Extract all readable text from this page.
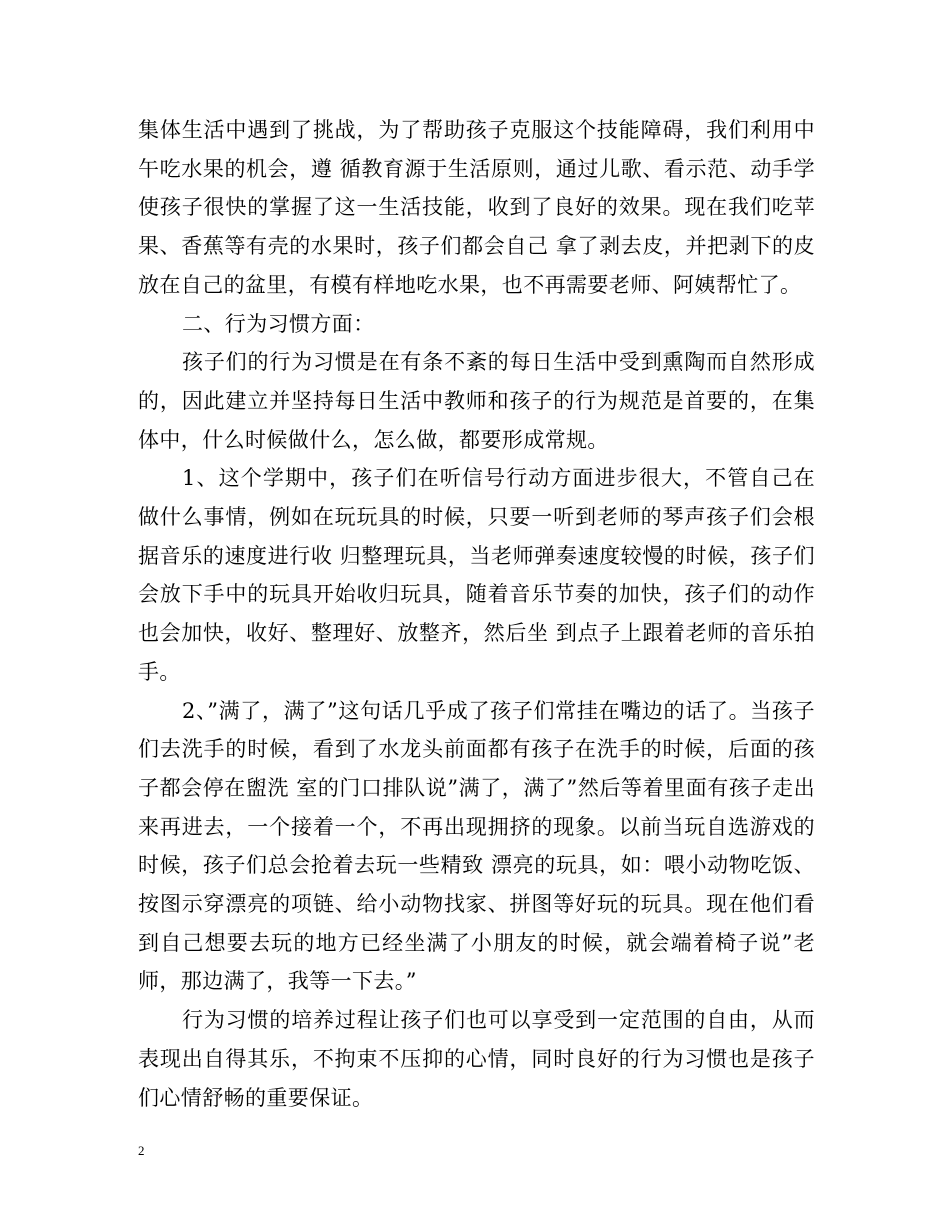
集体生活中遇到了挑战，为了帮助孩子克服这个技能障碍，我们利用中午吃水果的机会，遵 循教育源于生活原则，通过儿歌、看示范、动手学使孩子很快的掌握了这一生活技能，收到了良好的效果。现在我们吃苹果、香蕉等有壳的水果时，孩子们都会自己 拿了剥去皮，并把剥下的皮放在自己的盆里，有模有样地吃水果，也不再需要老师、阿姨帮忙了。

二、行为习惯方面：

孩子们的行为习惯是在有条不紊的每日生活中受到熏陶而自然形成的，因此建立并坚持每日生活中教师和孩子的行为规范是首要的，在集体中，什么时候做什么，怎么做，都要形成常规。

1、这个学期中，孩子们在听信号行动方面进步很大，不管自己在做什么事情，例如在玩玩具的时候，只要一听到老师的琴声孩子们会根据音乐的速度进行收 归整理玩具，当老师弹奏速度较慢的时候，孩子们会放下手中的玩具开始收归玩具，随着音乐节奏的加快，孩子们的动作也会加快，收好、整理好、放整齐，然后坐 到点子上跟着老师的音乐拍手。

2、”满了，满了”这句话几乎成了孩子们常挂在嘴边的话了。当孩子们去洗手的时候，看到了水龙头前面都有孩子在洗手的时候，后面的孩子都会停在盥洗 室的门口排队说”满了，满了”然后等着里面有孩子走出来再进去，一个接着一个，不再出现拥挤的现象。以前当玩自选游戏的时候，孩子们总会抢着去玩一些精致 漂亮的玩具，如：喂小动物吃饭、按图示穿漂亮的项链、给小动物找家、拼图等好玩的玩具。现在他们看到自己想要去玩的地方已经坐满了小朋友的时候，就会端着椅子说”老师，那边满了，我等一下去。”

行为习惯的培养过程让孩子们也可以享受到一定范围的自由，从而表现出自得其乐，不拘束不压抑的心情，同时良好的行为习惯也是孩子们心情舒畅的重要保证。

2
